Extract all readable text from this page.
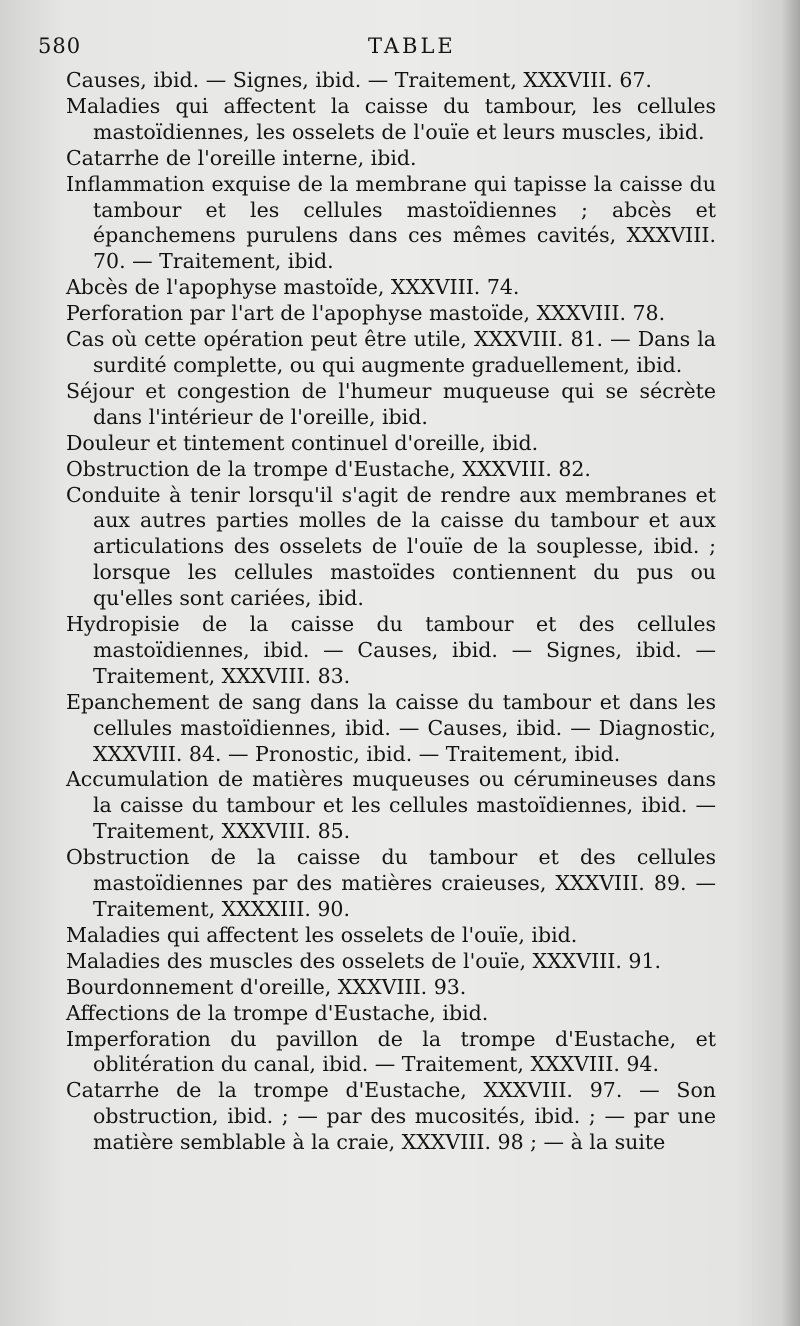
580	TABLE

Causes, ibid. — Signes, ibid. — Traitement, XXXVIII. 67.

Maladies qui affectent la caisse du tambour, les cellules mastoïdiennes, les osselets de l'ouïe et leurs muscles, ibid.

Catarrhe de l'oreille interne, ibid.

Inflammation exquise de la membrane qui tapisse la caisse du tambour et les cellules mastoïdiennes ; abcès et épanchemens purulens dans ces mêmes cavités, XXXVIII. 70. — Traitement, ibid.

Abcès de l'apophyse mastoïde, XXXVIII. 74.

Perforation par l'art de l'apophyse mastoïde, XXXVIII. 78.

Cas où cette opération peut être utile, XXXVIII. 81. — Dans la surdité complette, ou qui augmente graduellement, ibid.

Séjour et congestion de l'humeur muqueuse qui se sécrète dans l'intérieur de l'oreille, ibid.

Douleur et tintement continuel d'oreille, ibid.

Obstruction de la trompe d'Eustache, XXXVIII. 82.

Conduite à tenir lorsqu'il s'agit de rendre aux membranes et aux autres parties molles de la caisse du tambour et aux articulations des osselets de l'ouïe de la souplesse, ibid. ; lorsque les cellules mastoïdes contiennent du pus ou qu'elles sont cariées, ibid.

Hydropisie de la caisse du tambour et des cellules mastoïdiennes, ibid. — Causes, ibid. — Signes, ibid. — Traitement, XXXVIII. 83.

Epanchement de sang dans la caisse du tambour et dans les cellules mastoïdiennes, ibid. — Causes, ibid. — Diagnostic, XXXVIII. 84. — Pronostic, ibid. — Traitement, ibid.

Accumulation de matières muqueuses ou cérumineuses dans la caisse du tambour et les cellules mastoïdiennes, ibid. — Traitement, XXXVIII. 85.

Obstruction de la caisse du tambour et des cellules mastoïdiennes par des matières craieuses, XXXVIII. 89. — Traitement, XXXXIII. 90.

Maladies qui affectent les osselets de l'ouïe, ibid.

Maladies des muscles des osselets de l'ouïe, XXXVIII. 91.

Bourdonnement d'oreille, XXXVIII. 93.

Affections de la trompe d'Eustache, ibid.

Imperforation du pavillon de la trompe d'Eustache, et oblitération du canal, ibid. — Traitement, XXXVIII. 94.

Catarrhe de la trompe d'Eustache, XXXVIII. 97. — Son obstruction, ibid. ; — par des mucosités, ibid. ; — par une matière semblable à la craie, XXXVIII. 98 ; — à la suite
